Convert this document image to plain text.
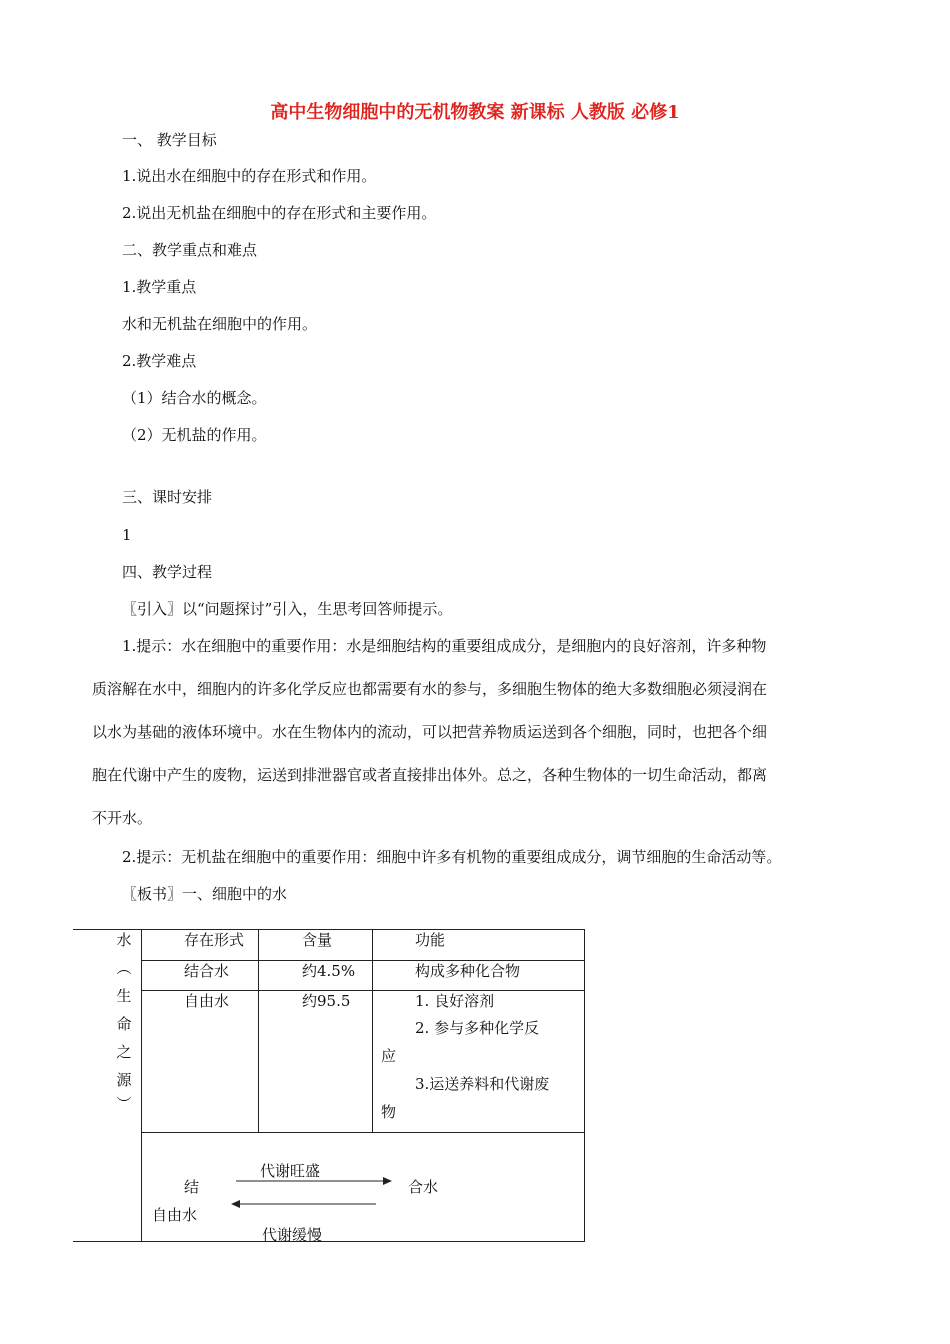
高中生物细胞中的无机物教案 新课标 人教版 必修1
一、 教学目标
1.说出水在细胞中的存在形式和作用。
2.说出无机盐在细胞中的存在形式和主要作用。
二、教学重点和难点
1.教学重点
水和无机盐在细胞中的作用。
2.教学难点
（1）结合水的概念。
（2）无机盐的作用。
三、课时安排
1
四、教学过程
〖引入〗以“问题探讨”引入，生思考回答师提示。
1.提示：水在细胞中的重要作用：水是细胞结构的重要组成成分，是细胞内的良好溶剂，许多种物
质溶解在水中，细胞内的许多化学反应也都需要有水的参与，多细胞生物体的绝大多数细胞必须浸润在
以水为基础的液体环境中。水在生物体内的流动，可以把营养物质运送到各个细胞，同时，也把各个细
胞在代谢中产生的废物，运送到排泄器官或者直接排出体外。总之，各种生物体的一切生命活动，都离
不开水。
2.提示：无机盐在细胞中的重要作用：细胞中许多有机物的重要组成成分，调节细胞的生命活动等。
〖板书〗一、细胞中的水
水
︵
生
命
之
源
︶
存在形式	含量	功能
结合水	约4.5%	构成多种化合物
自由水	约95.5	1. 良好溶剂
2. 参与多种化学反
应
3.运送养料和代谢废
物
代谢旺盛
结	合水
自由水
代谢缓慢
